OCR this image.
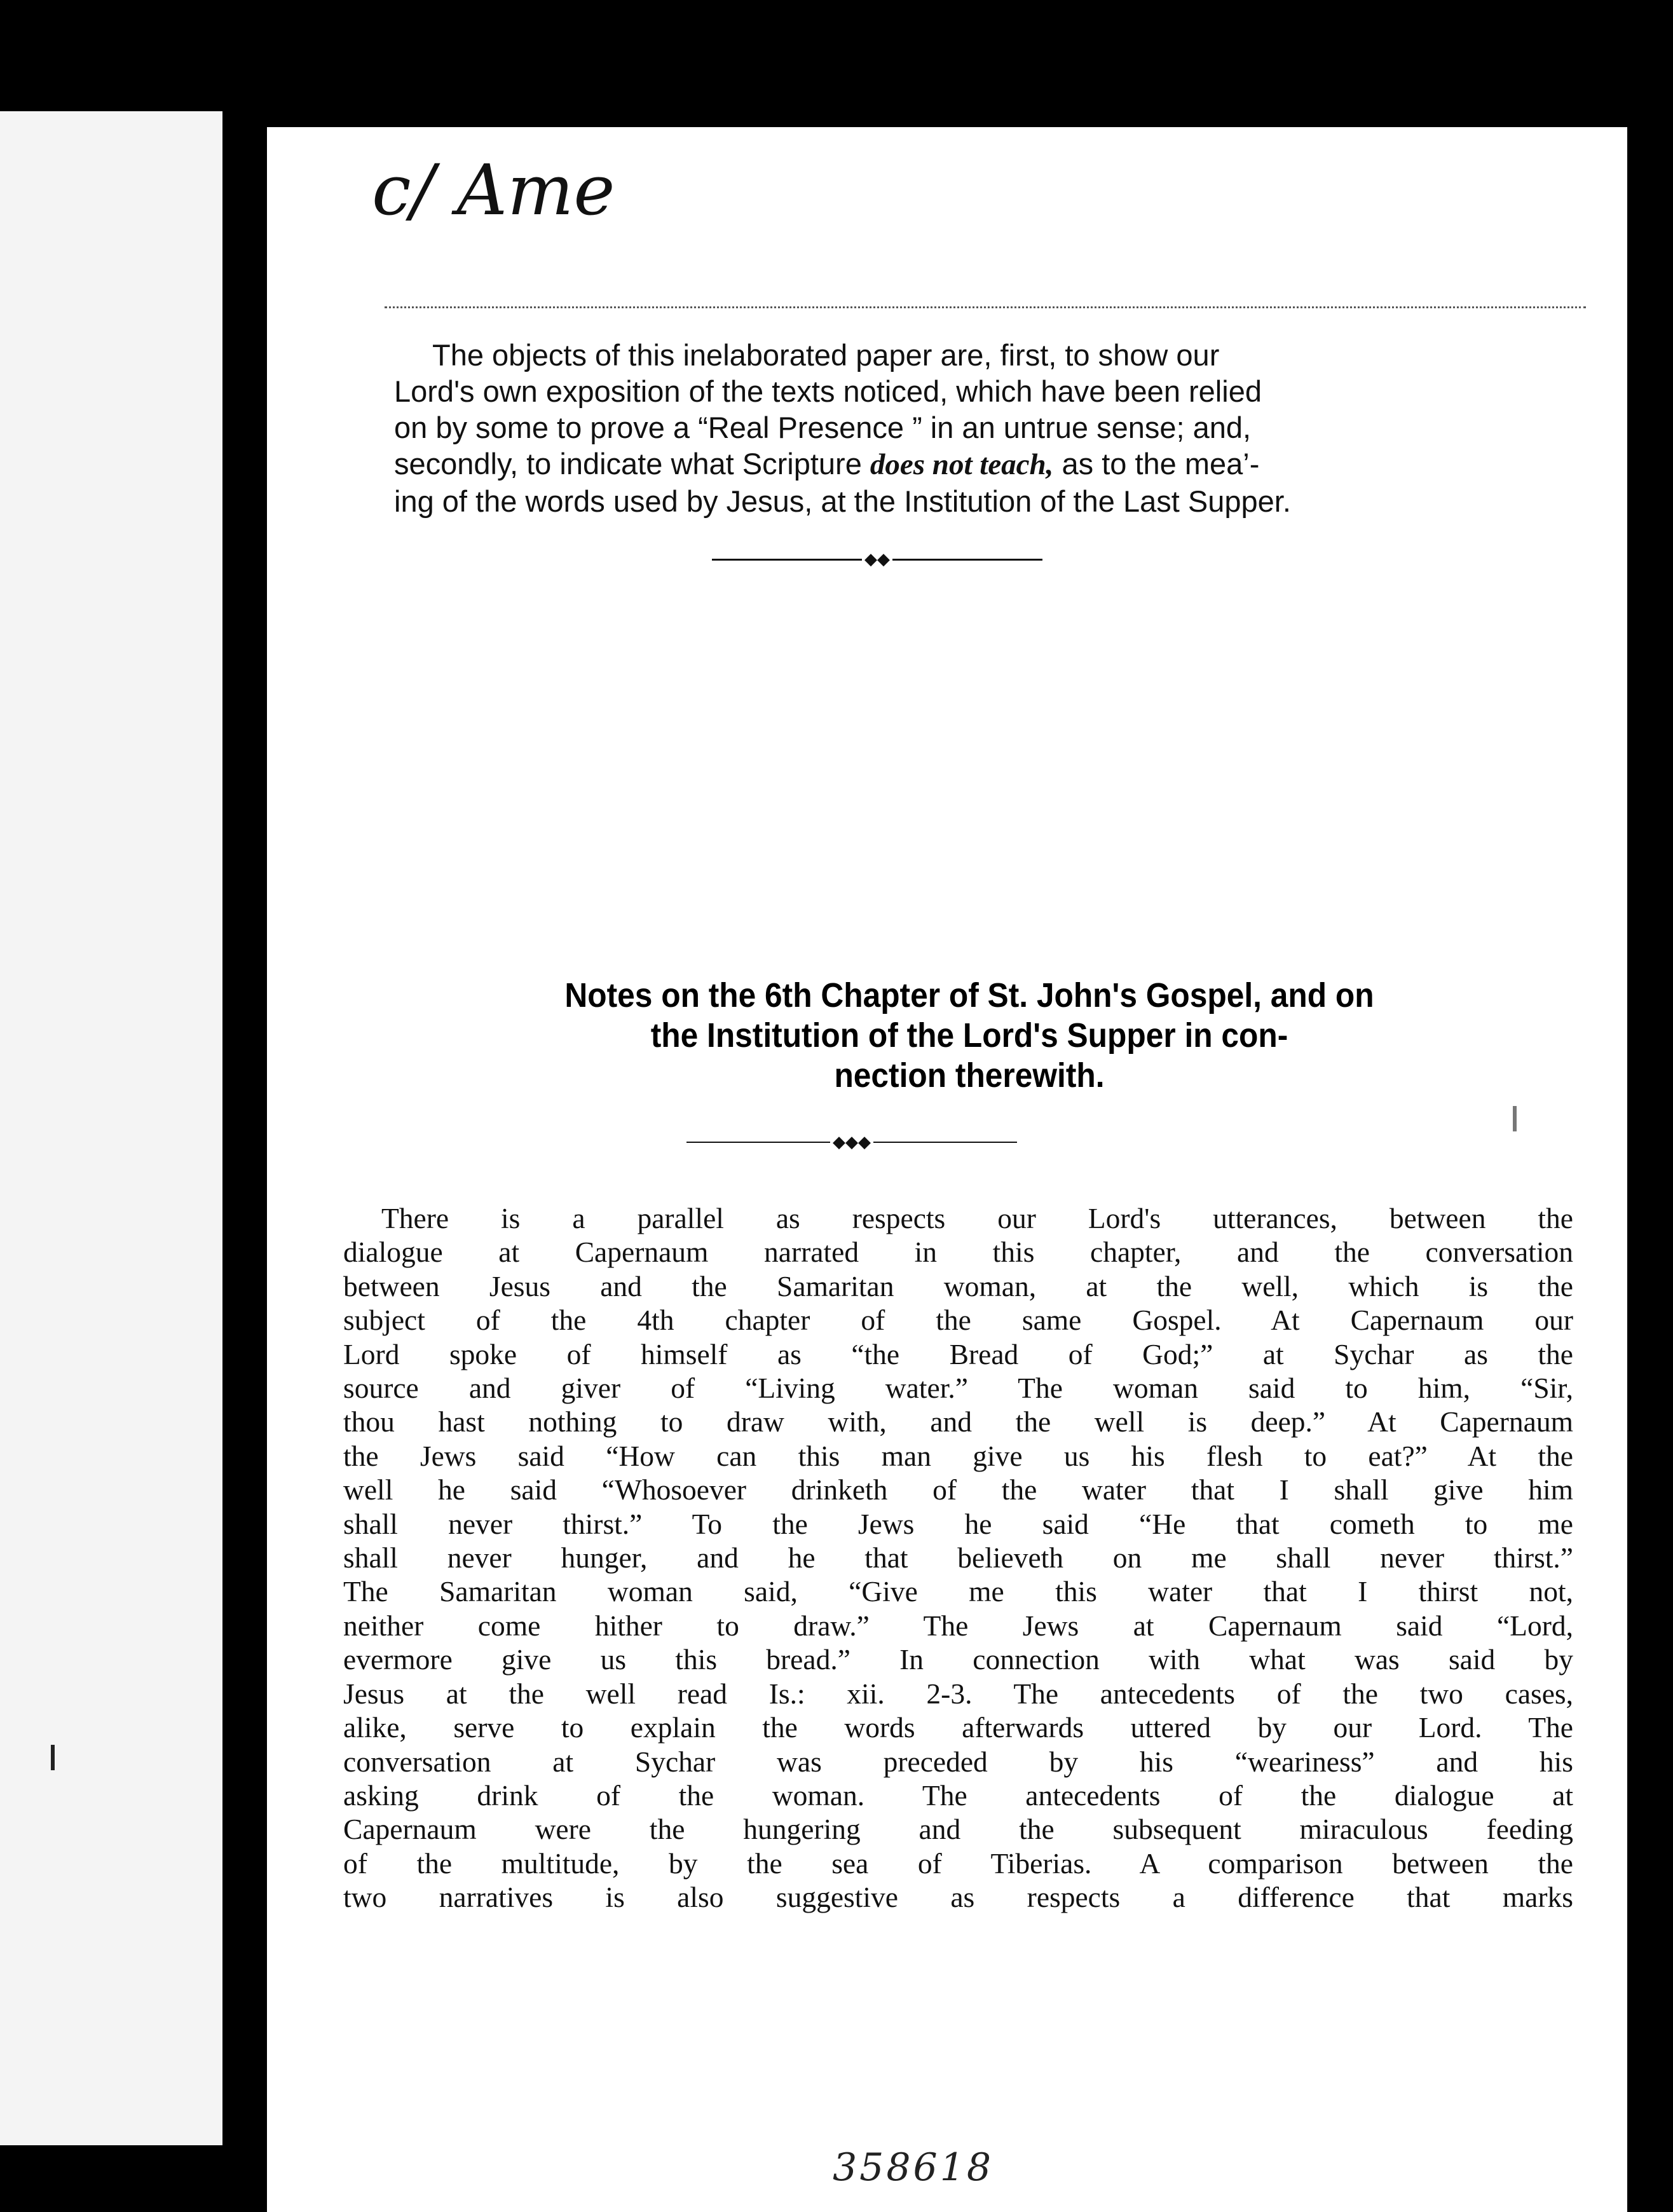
c/ Ame
The objects of this inelaborated paper are, first, to show our
Lord's own exposition of the texts noticed, which have been relied
on by some to prove a “Real Presence ” in an untrue sense; and,
secondly, to indicate what Scripture does not teach, as to the mea’‑
ing of the words used by Jesus, at the Institution of the Last Supper.
◆◆
Notes on the 6th Chapter of St. John's Gospel, and on
the Institution of the Lord's Supper in con-
nection therewith.
◆◆◆
There is a parallel as respects our Lord's utterances, between the
dialogue at Capernaum narrated in this chapter, and the conversation
between Jesus and the Samaritan woman, at the well, which is the
subject of the 4th chapter of the same Gospel. At Capernaum our
Lord spoke of himself as “the Bread of God;” at Sychar as the
source and giver of “Living water.” The woman said to him, “Sir,
thou hast nothing to draw with, and the well is deep.” At Capernaum
the Jews said “How can this man give us his flesh to eat?” At the
well he said “Whosoever drinketh of the water that I shall give him
shall never thirst.” To the Jews he said “He that cometh to me
shall never hunger, and he that believeth on me shall never thirst.”
The Samaritan woman said, “Give me this water that I thirst not,
neither come hither to draw.” The Jews at Capernaum said “Lord,
evermore give us this bread.” In connection with what was said by
Jesus at the well read Is.: xii. 2-3. The antecedents of the two cases,
alike, serve to explain the words afterwards uttered by our Lord. The
conversation at Sychar was preceded by his “weariness” and his
asking drink of the woman. The antecedents of the dialogue at
Capernaum were the hungering and the subsequent miraculous feeding
of the multitude, by the sea of Tiberias. A comparison between the
two narratives is also suggestive as respects a difference that marks
358618
